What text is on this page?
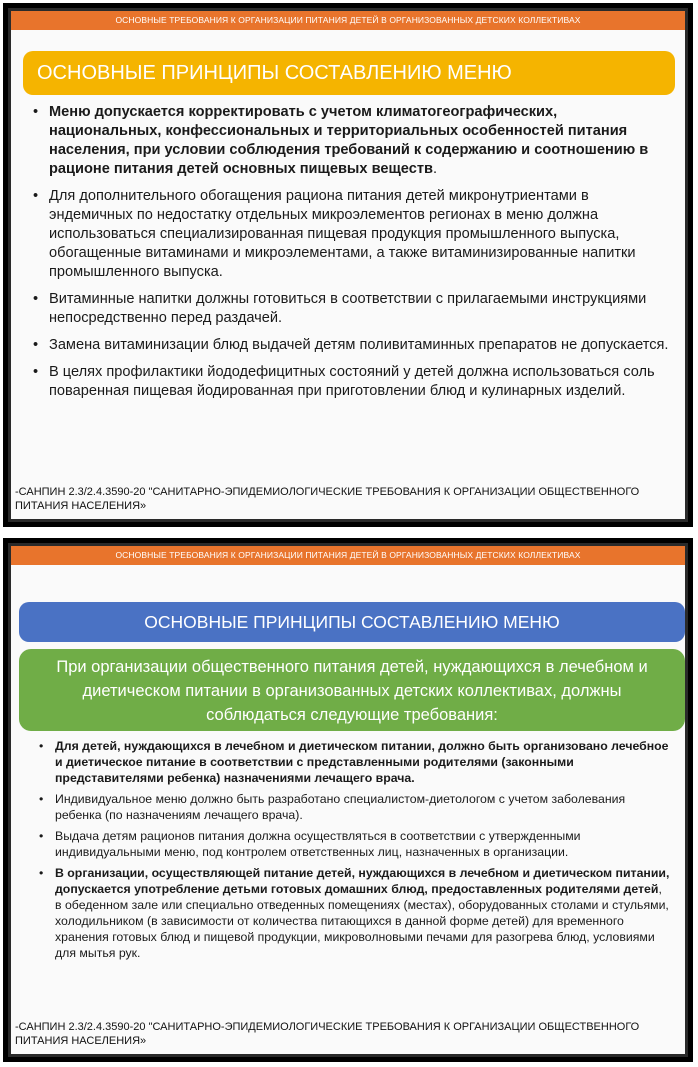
ОСНОВНЫЕ ТРЕБОВАНИЯ К ОРГАНИЗАЦИИ ПИТАНИЯ ДЕТЕЙ В ОРГАНИЗОВАННЫХ ДЕТСКИХ КОЛЛЕКТИВАХ
ОСНОВНЫЕ ПРИНЦИПЫ СОСТАВЛЕНИЮ МЕНЮ
• Меню допускается корректировать с учетом климатогеографических, национальных, конфессиональных и территориальных особенностей питания населения, при условии соблюдения требований к содержанию и соотношению в рационе питания детей основных пищевых веществ.
• Для дополнительного обогащения рациона питания детей микронутриентами в эндемичных по недостатку отдельных микроэлементов регионах в меню должна использоваться специализированная пищевая продукция промышленного выпуска, обогащенные витаминами и микроэлементами, а также витаминизированные напитки промышленного выпуска.
• Витаминные напитки должны готовиться в соответствии с прилагаемыми инструкциями непосредственно перед раздачей.
• Замена витаминизации блюд выдачей детям поливитаминных препаратов не допускается.
• В целях профилактики йододефицитных состояний у детей должна использоваться соль поваренная пищевая йодированная при приготовлении блюд и кулинарных изделий.
-САНПИН 2.3/2.4.3590-20 "САНИТАРНО-ЭПИДЕМИОЛОГИЧЕСКИЕ ТРЕБОВАНИЯ К ОРГАНИЗАЦИИ ОБЩЕСТВЕННОГО ПИТАНИЯ НАСЕЛЕНИЯ»
ОСНОВНЫЕ ТРЕБОВАНИЯ К ОРГАНИЗАЦИИ ПИТАНИЯ ДЕТЕЙ В ОРГАНИЗОВАННЫХ ДЕТСКИХ КОЛЛЕКТИВАХ
ОСНОВНЫЕ ПРИНЦИПЫ СОСТАВЛЕНИЮ МЕНЮ
При организации общественного питания детей, нуждающихся в лечебном и диетическом питании в организованных детских коллективах, должны соблюдаться следующие требования:
• Для детей, нуждающихся в лечебном и диетическом питании, должно быть организовано лечебное и диетическое питание в соответствии с представленными родителями (законными представителями ребенка) назначениями лечащего врача.
• Индивидуальное меню должно быть разработано специалистом-диетологом с учетом заболевания ребенка (по назначениям лечащего врача).
• Выдача детям рационов питания должна осуществляться в соответствии с утвержденными индивидуальными меню, под контролем ответственных лиц, назначенных в организации.
• В организации, осуществляющей питание детей, нуждающихся в лечебном и диетическом питании, допускается употребление детьми готовых домашних блюд, предоставленных родителями детей, в обеденном зале или специально отведенных помещениях (местах), оборудованных столами и стульями, холодильником (в зависимости от количества питающихся в данной форме детей) для временного хранения готовых блюд и пищевой продукции, микроволновыми печами для разогрева блюд, условиями для мытья рук.
-САНПИН 2.3/2.4.3590-20 "САНИТАРНО-ЭПИДЕМИОЛОГИЧЕСКИЕ ТРЕБОВАНИЯ К ОРГАНИЗАЦИИ ОБЩЕСТВЕННОГО ПИТАНИЯ НАСЕЛЕНИЯ»
